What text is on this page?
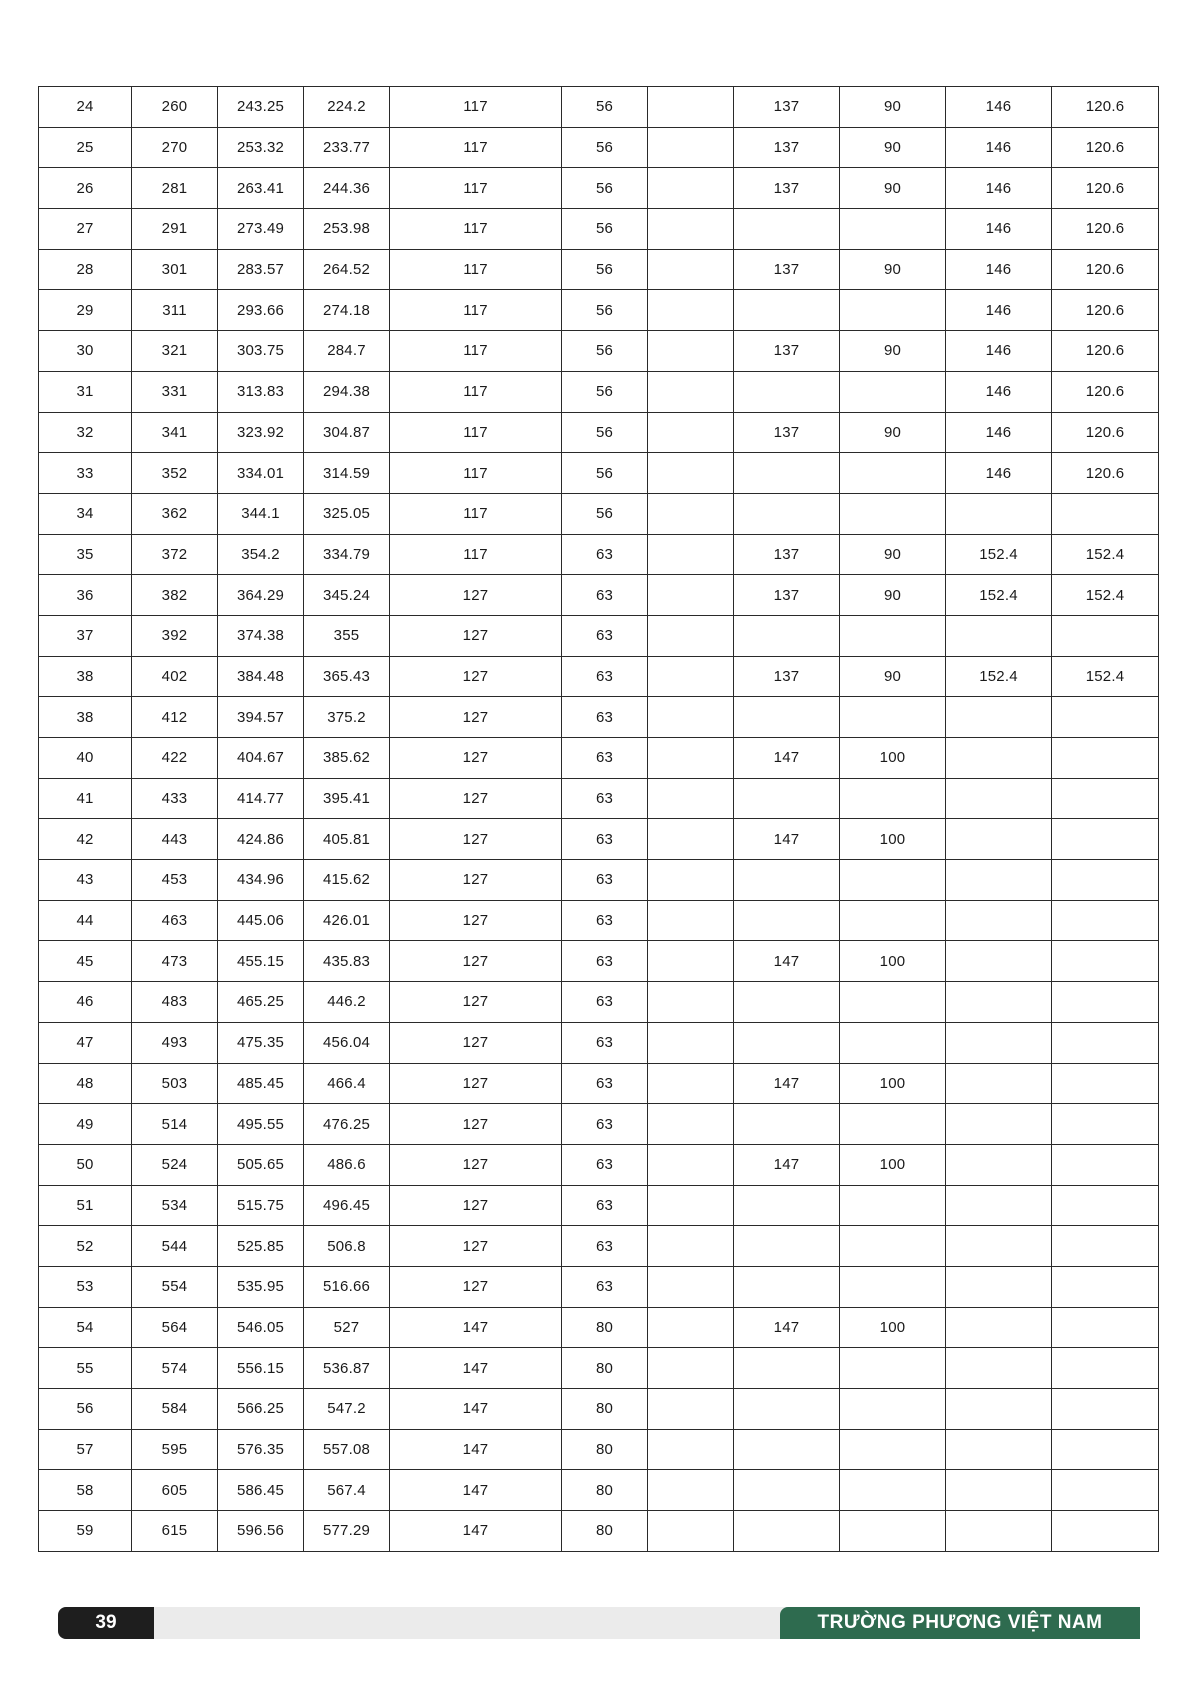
24	260	243.25	224.2	117	56		137	90	146	120.6
25	270	253.32	233.77	117	56		137	90	146	120.6
26	281	263.41	244.36	117	56		137	90	146	120.6
27	291	273.49	253.98	117	56				146	120.6
28	301	283.57	264.52	117	56		137	90	146	120.6
29	311	293.66	274.18	117	56				146	120.6
30	321	303.75	284.7	117	56		137	90	146	120.6
31	331	313.83	294.38	117	56				146	120.6
32	341	323.92	304.87	117	56		137	90	146	120.6
33	352	334.01	314.59	117	56				146	120.6
34	362	344.1	325.05	117	56					
35	372	354.2	334.79	117	63		137	90	152.4	152.4
36	382	364.29	345.24	127	63		137	90	152.4	152.4
37	392	374.38	355	127	63					
38	402	384.48	365.43	127	63		137	90	152.4	152.4
38	412	394.57	375.2	127	63					
40	422	404.67	385.62	127	63		147	100		
41	433	414.77	395.41	127	63					
42	443	424.86	405.81	127	63		147	100		
43	453	434.96	415.62	127	63					
44	463	445.06	426.01	127	63					
45	473	455.15	435.83	127	63		147	100		
46	483	465.25	446.2	127	63					
47	493	475.35	456.04	127	63					
48	503	485.45	466.4	127	63		147	100		
49	514	495.55	476.25	127	63					
50	524	505.65	486.6	127	63		147	100		
51	534	515.75	496.45	127	63					
52	544	525.85	506.8	127	63					
53	554	535.95	516.66	127	63					
54	564	546.05	527	147	80		147	100		
55	574	556.15	536.87	147	80					
56	584	566.25	547.2	147	80					
57	595	576.35	557.08	147	80					
58	605	586.45	567.4	147	80					
59	615	596.56	577.29	147	80					
39	TRƯỜNG PHƯƠNG VIỆT NAM
